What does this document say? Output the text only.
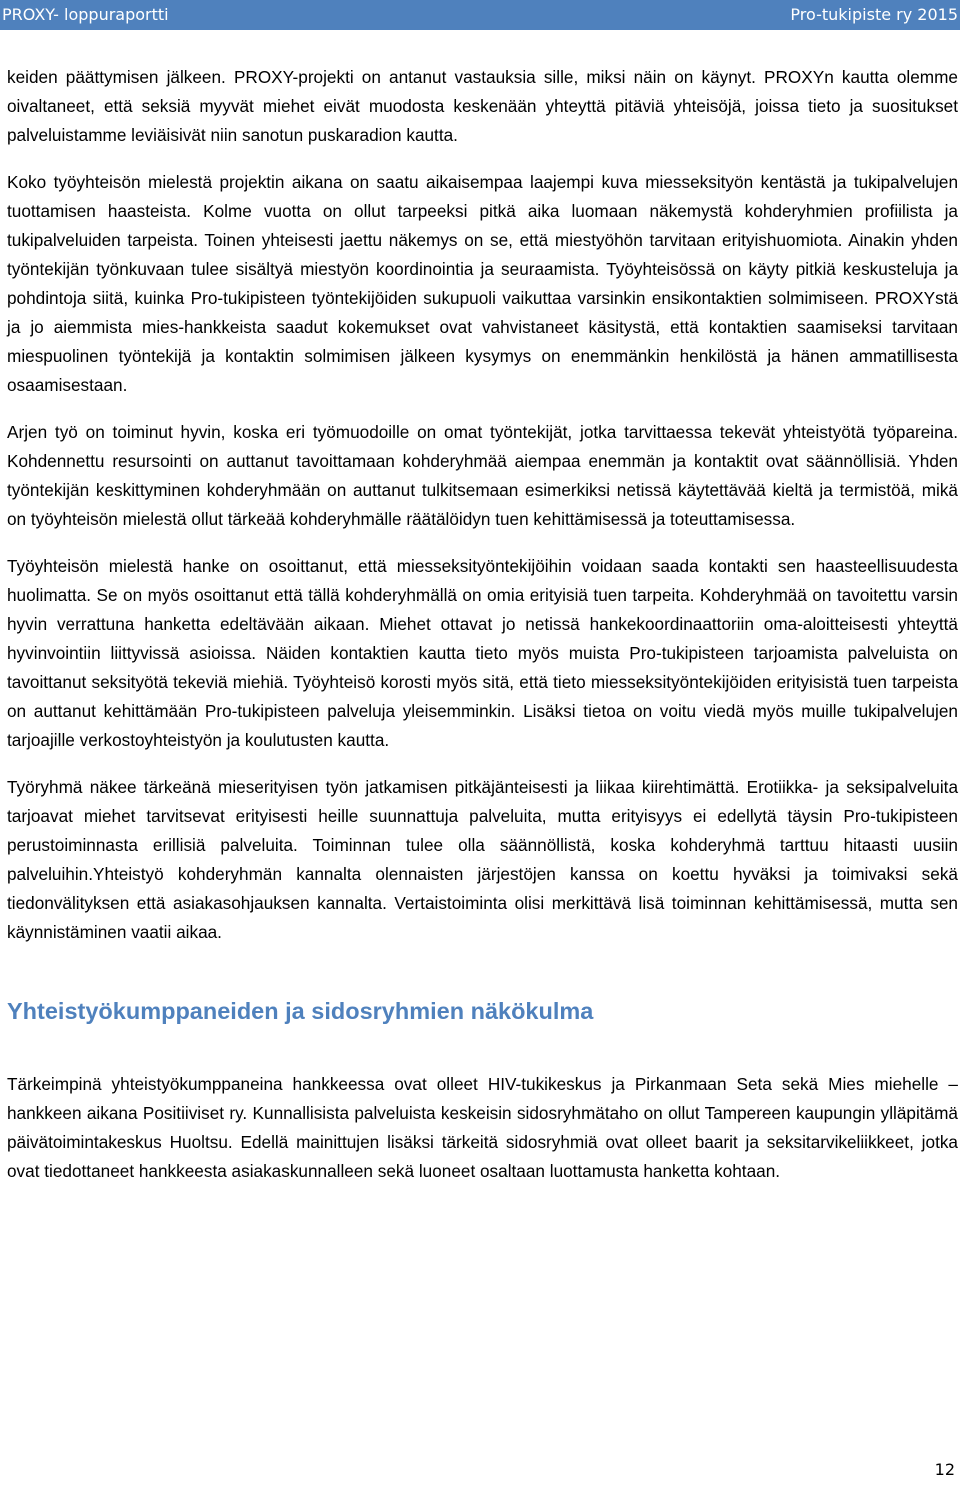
PROXY- loppuraportti	Pro-tukipiste ry 2015

keiden päättymisen jälkeen. PROXY-projekti on antanut vastauksia sille, miksi näin on käynyt. PROXYn kautta olemme oivaltaneet, että seksiä myyvät miehet eivät muodosta keskenään yhteyttä pitäviä yhteisöjä, joissa tieto ja suositukset palveluistamme leviäisivät niin sanotun puskaradion kautta.

Koko työyhteisön mielestä projektin aikana on saatu aikaisempaa laajempi kuva miesseksityön kentästä ja tukipalvelujen tuottamisen haasteista. Kolme vuotta on ollut tarpeeksi pitkä aika luomaan näkemystä kohderyhmien profiilista ja tukipalveluiden tarpeista. Toinen yhteisesti jaettu näkemys on se, että miestyöhön tarvitaan erityishuomiota. Ainakin yhden työntekijän työnkuvaan tulee sisältyä miestyön koordinointia ja seuraamista. Työyhteisössä on käyty pitkiä keskusteluja ja pohdintoja siitä, kuinka Pro-tukipisteen työntekijöiden sukupuoli vaikuttaa varsinkin ensikontaktien solmimiseen. PROXYstä ja jo aiemmista mies-hankkeista saadut kokemukset ovat vahvistaneet käsitystä, että kontaktien saamiseksi tarvitaan miespuolinen työntekijä ja kontaktin solmimisen jälkeen kysymys on enemmänkin henkilöstä ja hänen ammatillisesta osaamisestaan.

Arjen työ on toiminut hyvin, koska eri työmuodoille on omat työntekijät, jotka tarvittaessa tekevät yhteistyötä työpareina. Kohdennettu resursointi on auttanut tavoittamaan kohderyhmää aiempaa enemmän ja kontaktit ovat säännöllisiä. Yhden työntekijän keskittyminen kohderyhmään on auttanut tulkitsemaan esimerkiksi netissä käytettävää kieltä ja termistöä, mikä on työyhteisön mielestä ollut tärkeää kohderyhmälle räätälöidyn tuen kehittämisessä ja toteuttamisessa.

Työyhteisön mielestä hanke on osoittanut, että miesseksityöntekijöihin voidaan saada kontakti sen haasteellisuudesta huolimatta. Se on myös osoittanut että tällä kohderyhmällä on omia erityisiä tuen tarpeita. Kohderyhmää on tavoitettu varsin hyvin verrattuna hanketta edeltävään aikaan. Miehet ottavat jo netissä hankekoordinaattoriin oma-aloitteisesti yhteyttä hyvinvointiin liittyvissä asioissa. Näiden kontaktien kautta tieto myös muista Pro-tukipisteen tarjoamista palveluista on tavoittanut seksityötä tekeviä miehiä. Työyhteisö korosti myös sitä, että tieto miesseksityöntekijöiden erityisistä tuen tarpeista on auttanut kehittämään Pro-tukipisteen palveluja yleisemminkin. Lisäksi tietoa on voitu viedä myös muille tukipalvelujen tarjoajille verkostoyhteistyön ja koulutusten kautta.

Työryhmä näkee tärkeänä mieserityisen työn jatkamisen pitkäjänteisesti ja liikaa kiirehtimättä. Erotiikka- ja seksipalveluita tarjoavat miehet tarvitsevat erityisesti heille suunnattuja palveluita, mutta erityisyys ei edellytä täysin Pro-tukipisteen perustoiminnasta erillisiä palveluita. Toiminnan tulee olla säännöllistä, koska kohderyhmä tarttuu hitaasti uusiin palveluihin.Yhteistyö kohderyhmän kannalta olennaisten järjestöjen kanssa on koettu hyväksi ja toimivaksi sekä tiedonvälityksen että asiakasohjauksen kannalta. Vertaistoiminta olisi merkittävä lisä toiminnan kehittämisessä, mutta sen käynnistäminen vaatii aikaa.

Yhteistyökumppaneiden ja sidosryhmien näkökulma

Tärkeimpinä yhteistyökumppaneina hankkeessa ovat olleet HIV-tukikeskus ja Pirkanmaan Seta sekä Mies miehelle –hankkeen aikana Positiiviset ry. Kunnallisista palveluista keskeisin sidosryhmätaho on ollut Tampereen kaupungin ylläpitämä päivätoimintakeskus Huoltsu. Edellä mainittujen lisäksi tärkeitä sidosryhmiä ovat olleet baarit ja seksitarvikeliikkeet, jotka ovat tiedottaneet hankkeesta asiakaskunnalleen sekä luoneet osaltaan luottamusta hanketta kohtaan.

12
